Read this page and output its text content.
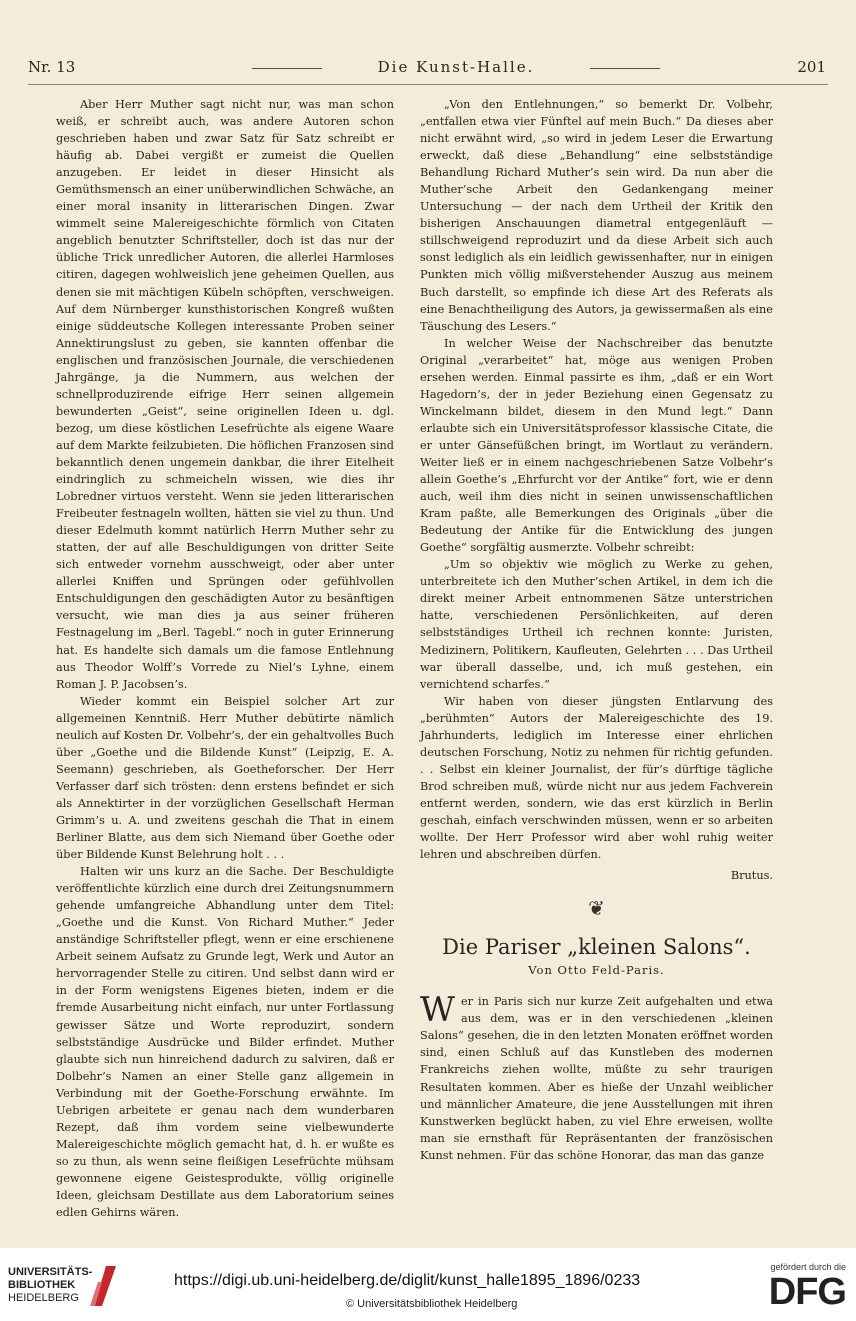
Nr. 13	Die Kunst-Halle.	201

Aber Herr Muther sagt nicht nur, was man schon weiß, er schreibt auch, was andere Autoren schon geschrieben haben und zwar Satz für Satz schreibt er häufig ab. Dabei vergißt er zumeist die Quellen anzugeben. Er leidet in dieser Hinsicht als Gemüthsmensch an einer unüberwindlichen Schwäche, an einer moral insanity in litterarischen Dingen. Zwar wimmelt seine Malereigeschichte förmlich von Citaten angeblich benutzter Schriftsteller, doch ist das nur der übliche Trick unredlicher Autoren, die allerlei Harmloses citiren, dagegen wohlweislich jene geheimen Quellen, aus denen sie mit mächtigen Kübeln schöpften, verschweigen. Auf dem Nürnberger kunsthistorischen Kongreß wußten einige süddeutsche Kollegen interessante Proben seiner Annektirungslust zu geben, sie kannten offenbar die englischen und französischen Journale, die verschiedenen Jahrgänge, ja die Nummern, aus welchen der schnellproduzirende eifrige Herr seinen allgemein bewunderten „Geist“, seine originellen Ideen u. dgl. bezog, um diese köstlichen Lesefrüchte als eigene Waare auf dem Markte feilzubieten. Die höflichen Franzosen sind bekanntlich denen ungemein dankbar, die ihrer Eitelheit eindringlich zu schmeicheln wissen, wie dies ihr Lobredner virtuos versteht. Wenn sie jeden litterarischen Freibeuter festnageln wollten, hätten sie viel zu thun. Und dieser Edelmuth kommt natürlich Herrn Muther sehr zu statten, der auf alle Beschuldigungen von dritter Seite sich entweder vornehm ausschweigt, oder aber unter allerlei Kniffen und Sprüngen oder gefühlvollen Entschuldigungen den geschädigten Autor zu besänftigen versucht, wie man dies ja aus seiner früheren Festnagelung im „Berl. Tagebl.“ noch in guter Erinnerung hat. Es handelte sich damals um die famose Entlehnung aus Theodor Wolff’s Vorrede zu Niel’s Lyhne, einem Roman J. P. Jacobsen’s.

Wieder kommt ein Beispiel solcher Art zur allgemeinen Kenntniß. Herr Muther debütirte nämlich neulich auf Kosten Dr. Volbehr’s, der ein gehaltvolles Buch über „Goethe und die Bildende Kunst“ (Leipzig, E. A. Seemann) geschrieben, als Goetheforscher. Der Herr Verfasser darf sich trösten: denn erstens befindet er sich als Annektirter in der vorzüglichen Gesellschaft Herman Grimm’s u. A. und zweitens geschah die That in einem Berliner Blatte, aus dem sich Niemand über Goethe oder über Bildende Kunst Belehrung holt . . .

Halten wir uns kurz an die Sache. Der Beschuldigte veröffentlichte kürzlich eine durch drei Zeitungsnummern gehende umfangreiche Abhandlung unter dem Titel: „Goethe und die Kunst. Von Richard Muther.“ Jeder anständige Schriftsteller pflegt, wenn er eine erschienene Arbeit seinem Aufsatz zu Grunde legt, Werk und Autor an hervorragender Stelle zu citiren. Und selbst dann wird er in der Form wenigstens Eigenes bieten, indem er die fremde Ausarbeitung nicht einfach, nur unter Fortlassung gewisser Sätze und Worte reproduzirt, sondern selbstständige Ausdrücke und Bilder erfindet. Muther glaubte sich nun hinreichend dadurch zu salviren, daß er Dolbehr’s Namen an einer Stelle ganz allgemein in Verbindung mit der Goethe-Forschung erwähnte. Im Uebrigen arbeitete er genau nach dem wunderbaren Rezept, daß ihm vordem seine vielbewunderte Malereigeschichte möglich gemacht hat, d. h. er wußte es so zu thun, als wenn seine fleißigen Lesefrüchte mühsam gewonnene eigene Geistesprodukte, völlig originelle Ideen, gleichsam Destillate aus dem Laboratorium seines edlen Gehirns wären.

„Von den Entlehnungen,“ so bemerkt Dr. Volbehr, „entfallen etwa vier Fünftel auf mein Buch.“ Da dieses aber nicht erwähnt wird, „so wird in jedem Leser die Erwartung erweckt, daß diese „Behandlung“ eine selbstständige Behandlung Richard Muther’s sein wird. Da nun aber die Muther’sche Arbeit den Gedankengang meiner Untersuchung — der nach dem Urtheil der Kritik den bisherigen Anschauungen diametral entgegenläuft — stillschweigend reproduzirt und da diese Arbeit sich auch sonst lediglich als ein leidlich gewissenhafter, nur in einigen Punkten mich völlig mißverstehender Auszug aus meinem Buch darstellt, so empfinde ich diese Art des Referats als eine Benachtheiligung des Autors, ja gewissermaßen als eine Täuschung des Lesers.“

In welcher Weise der Nachschreiber das benutzte Original „verarbeitet“ hat, möge aus wenigen Proben ersehen werden. Einmal passirte es ihm, „daß er ein Wort Hagedorn’s, der in jeder Beziehung einen Gegensatz zu Winckelmann bildet, diesem in den Mund legt.“ Dann erlaubte sich ein Universitätsprofessor klassische Citate, die er unter Gänsefüßchen bringt, im Wortlaut zu verändern. Weiter ließ er in einem nachgeschriebenen Satze Volbehr’s allein Goethe’s „Ehrfurcht vor der Antike“ fort, wie er denn auch, weil ihm dies nicht in seinen unwissenschaftlichen Kram paßte, alle Bemerkungen des Originals „über die Bedeutung der Antike für die Entwicklung des jungen Goethe“ sorgfältig ausmerzte. Volbehr schreibt:

„Um so objektiv wie möglich zu Werke zu gehen, unterbreitete ich den Muther’schen Artikel, in dem ich die direkt meiner Arbeit entnommenen Sätze unterstrichen hatte, verschiedenen Persönlichkeiten, auf deren selbstständiges Urtheil ich rechnen konnte: Juristen, Medizinern, Politikern, Kaufleuten, Gelehrten . . . Das Urtheil war überall dasselbe, und, ich muß gestehen, ein vernichtend scharfes.“

Wir haben von dieser jüngsten Entlarvung des „berühmten“ Autors der Malereigeschichte des 19. Jahrhunderts, lediglich im Interesse einer ehrlichen deutschen Forschung, Notiz zu nehmen für richtig gefunden. . . Selbst ein kleiner Journalist, der für’s dürftige tägliche Brod schreiben muß, würde nicht nur aus jedem Fachverein entfernt werden, sondern, wie das erst kürzlich in Berlin geschah, einfach verschwinden müssen, wenn er so arbeiten wollte. Der Herr Professor wird aber wohl ruhig weiter lehren und abschreiben dürfen.

Brutus.
❦
Die Pariser „kleinen Salons“.
Von Otto Feld-Paris.

Wer in Paris sich nur kurze Zeit aufgehalten und etwa aus dem, was er in den verschiedenen „kleinen Salons“ gesehen, die in den letzten Monaten eröffnet worden sind, einen Schluß auf das Kunstleben des modernen Frankreichs ziehen wollte, müßte zu sehr traurigen Resultaten kommen. Aber es hieße der Unzahl weiblicher und männlicher Amateure, die jene Ausstellungen mit ihren Kunstwerken beglückt haben, zu viel Ehre erweisen, wollte man sie ernsthaft für Repräsentanten der französischen Kunst nehmen. Für das schöne Honorar, das man das ganze

UNIVERSITÄTS-
BIBLIOTHEK
HEIDELBERG
https://digi.ub.uni-heidelberg.de/diglit/kunst_halle1895_1896/0233
© Universitätsbibliothek Heidelberg
gefördert durch die
DFG
